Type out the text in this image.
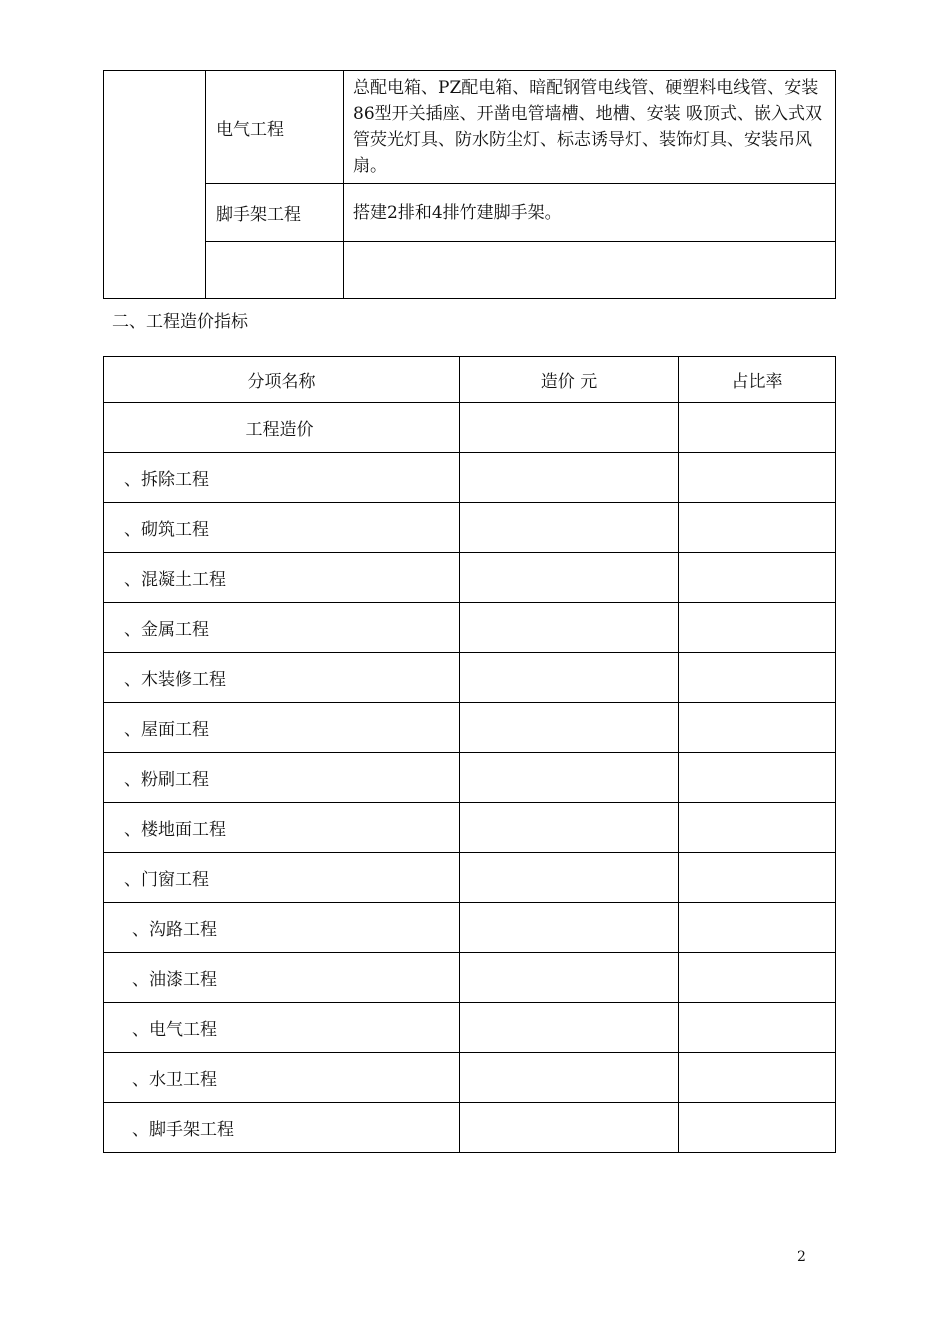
	电气工程	总配电箱、PZ配电箱、暗配钢管电线管、硬塑料电线管、安装86型开关插座、开凿电管墙槽、地槽、安装 吸顶式、嵌入式双管荧光灯具、防水防尘灯、标志诱导灯、装饰灯具、安装吊风扇。
	脚手架工程	搭建2排和4排竹建脚手架。

二、工程造价指标
分项名称	造价 元	占比率
工程造价		
、拆除工程		
、砌筑工程		
、混凝土工程		
、金属工程		
、木装修工程		
、屋面工程		
、粉刷工程		
、楼地面工程		
、门窗工程		
、沟路工程		
、油漆工程		
、电气工程		
、水卫工程		
、脚手架工程		
2
